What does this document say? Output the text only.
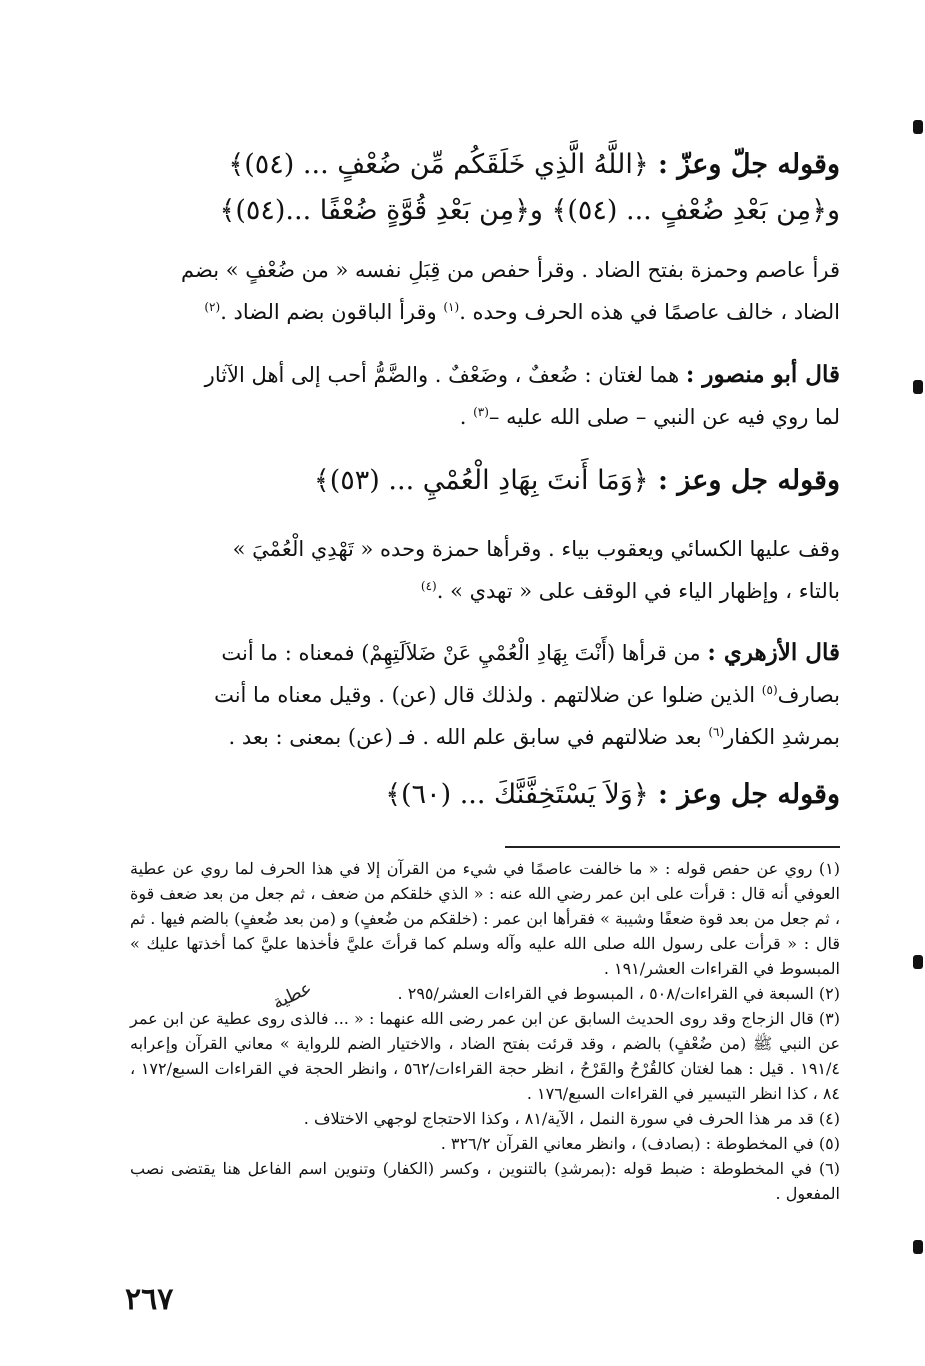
وقوله جلّ وعزّ : ﴿اللَّهُ الَّذِي خَلَقَكُم مِّن ضُعْفٍ ... (٥٤)﴾

و﴿مِن بَعْدِ ضُعْفٍ ... (٥٤)﴾ و﴿مِن بَعْدِ قُوَّةٍ ضُعْفًا ...(٥٤)﴾

قرأ عاصم وحمزة بفتح الضاد . وقرأ حفص من قِبَلِ نفسه « من ضُعْفٍ » بضم

الضاد ، خالف عاصمًا في هذه الحرف وحده .$^{(١)}$ وقرأ الباقون بضم الضاد .$^{(٢)}$

قال أبو منصور : هما لغتان : ضُعفٌ ، وضَعْفٌ . والضَّمُّ أحب إلى أهل الآثار

لما روي فيه عن النبي – صلى الله عليه –$^{(٣)}$ .

وقوله جل وعز : ﴿وَمَا أَنتَ بِهَادِ الْعُمْيِ ... (٥٣)﴾

وقف عليها الكسائي ويعقوب بياء . وقرأها حمزة وحده « تَهْدِي الْعُمْيَ »

بالتاء ، وإظهار الياء في الوقف على « تهدي » .$^{(٤)}$

قال الأزهري : من قرأها (أَنْتَ بِهَادِ الْعُمْيِ عَنْ ضَلاَلَتِهِمْ) فمعناه : ما أنت

بصارف$^{(٥)}$ الذين ضلوا عن ضلالتهم . ولذلك قال (عن) . وقيل معناه ما أنت

بمرشدِ الكفار$^{(٦)}$ بعد ضلالتهم في سابق علم الله . فـ (عن) بمعنى : بعد .

وقوله جل وعز : ﴿وَلاَ يَسْتَخِفَّنَّكَ ... (٦٠)﴾

(١) روي عن حفص قوله : « ما خالفت عاصمًا في شيء من القرآن إلا في هذا الحرف لما روي عن عطية العوفي أنه قال : قرأت على ابن عمر رضي الله عنه : « الذي خلقكم من ضعف ، ثم جعل من بعد ضعف قوة ، ثم جعل من بعد قوة ضعفًا وشيبة » فقرأها ابن عمر : (خلقكم من ضُعفٍ) و (من بعد ضُعفٍ) بالضم فيها . ثم قال : « قرأت على رسول الله صلى الله عليه وآله وسلم كما قرأتَ عليَّ فأخذها عليَّ كما أخذتها عليك » المبسوط في القراءات العشر/١٩١ .

(٢) السبعة في القراءات/٥٠٨ ، المبسوط في القراءات العشر/٢٩٥ .

(٣) قال الزجاج وقد روى الحديث السابق عن ابن عمر رضى الله عنهما : « ... فالذى روى عطية عن ابن عمر عن النبي ﷺ (من ضُعْفٍ) بالضم ، وقد قرئت بفتح الضاد ، والاختيار الضم للرواية » معاني القرآن وإعرابه ١٩١/٤ . قيل : هما لغتان كالقُرْحُ والقَرْحُ ، انظر حجة القراءات/٥٦٢ ، وانظر الحجة في القراءات السبع/١٧٢ ، ٨٤ ، كذا انظر التيسير في القراءات السبع/١٧٦ .

(٤) قد مر هذا الحرف في سورة النمل ، الآية/٨١ ، وكذا الاحتجاج لوجهي الاختلاف .

(٥) في المخطوطة : (بصادف) ، وانظر معاني القرآن ٣٢٦/٢ .

(٦) في المخطوطة : ضبط قوله :(بمرشدِ) بالتنوين ، وكسر (الكفار) وتنوين اسم الفاعل هنا يقتضى نصب المفعول .

عطية
٢٦٧
